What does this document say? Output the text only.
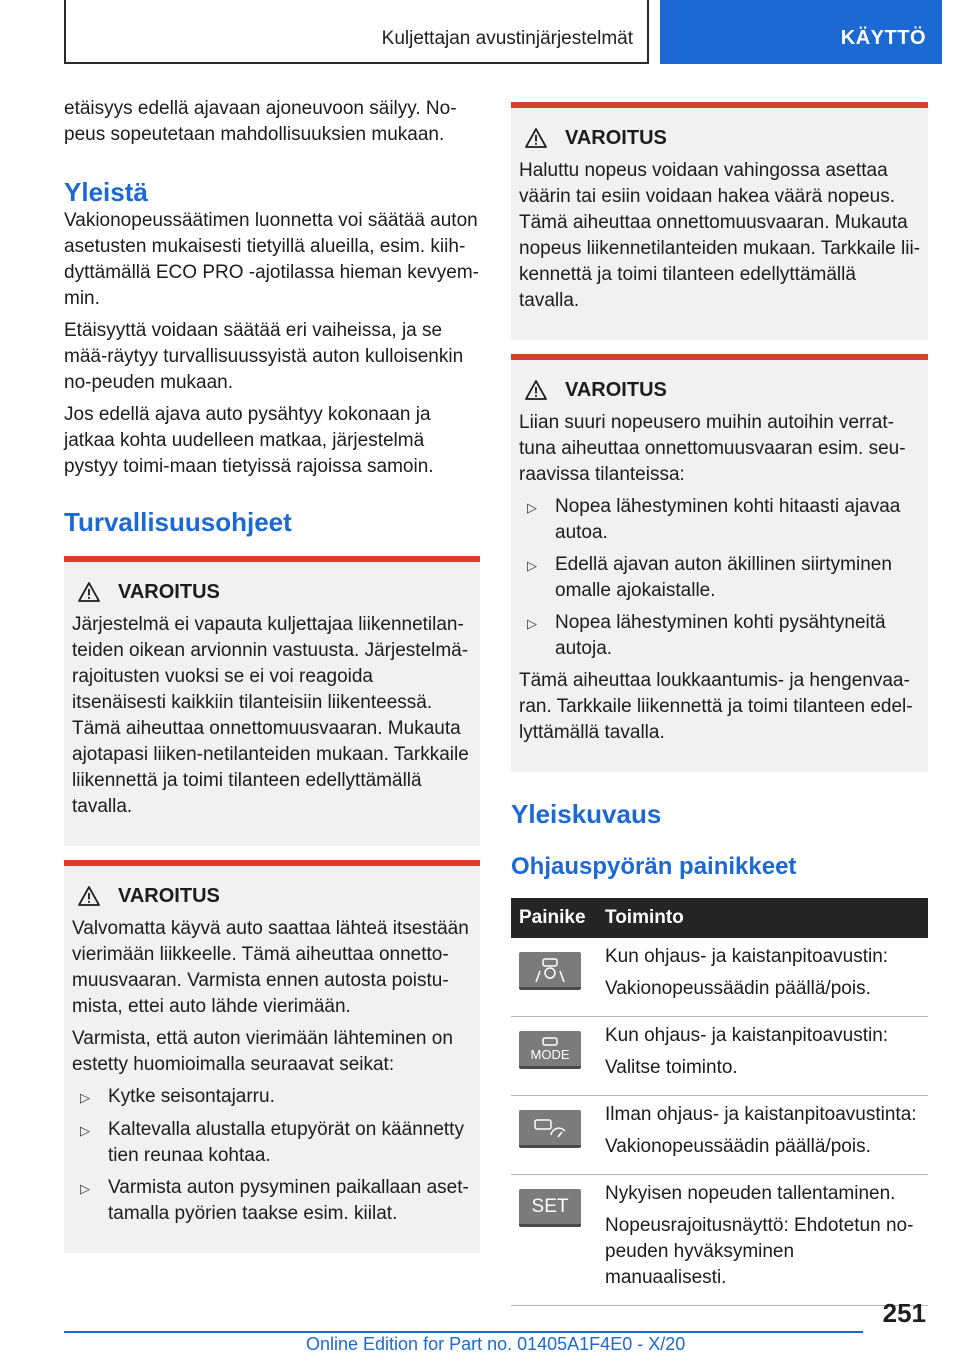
Kuljettajan avustinjärjestelmät	KÄYTTÖ

etäisyys edellä ajavaan ajoneuvoon säilyy. No-peus sopeutetaan mahdollisuuksien mukaan.

Yleistä

Vakionopeussäätimen luonnetta voi säätää auton asetusten mukaisesti tietyillä alueilla, esim. kiih-dyttämällä ECO PRO -ajotilassa hieman kevyem-min.

Etäisyyttä voidaan säätää eri vaiheissa, ja se mää-räytyy turvallisuussyistä auton kulloisenkin no-peuden mukaan.

Jos edellä ajava auto pysähtyy kokonaan ja jatkaa kohta uudelleen matkaa, järjestelmä pystyy toimi-maan tietyissä rajoissa samoin.

Turvallisuusohjeet
VAROITUS

Järjestelmä ei vapauta kuljettajaa liikennetilan-teiden oikean arvionnin vastuusta. Järjestelmä-rajoitusten vuoksi se ei voi reagoida itsenäisesti kaikkiin tilanteisiin liikenteessä. Tämä aiheuttaa onnettomuusvaaran. Mukauta ajotapasi liiken-netilanteiden mukaan. Tarkkaile liikennettä ja toimi tilanteen edellyttämällä tavalla.

VAROITUS

Valvomatta käyvä auto saattaa lähteä itsestään vierimään liikkeelle. Tämä aiheuttaa onnetto-muusvaaran. Varmista ennen autosta poistu-mista, ettei auto lähde vierimään.

Varmista, että auton vierimään lähteminen on estetty huomioimalla seuraavat seikat:

▷ Kytke seisontajarru.
▷ Kaltevalla alustalla etupyörät on käännetty tien reunaa kohtaa.
▷ Varmista auton pysyminen paikallaan aset-tamalla pyörien taakse esim. kiilat.
VAROITUS

Haluttu nopeus voidaan vahingossa asettaa väärin tai esiin voidaan hakea väärä nopeus. Tämä aiheuttaa onnettomuusvaaran. Mukauta nopeus liikennetilanteiden mukaan. Tarkkaile lii-kennettä ja toimi tilanteen edellyttämällä tavalla.

VAROITUS

Liian suuri nopeusero muihin autoihin verrat-tuna aiheuttaa onnettomuusvaaran esim. seu-raavissa tilanteissa:

▷ Nopea lähestyminen kohti hitaasti ajavaa autoa.
▷ Edellä ajavan auton äkillinen siirtyminen omalle ajokaistalle.
▷ Nopea lähestyminen kohti pysähtyneitä autoja.

Tämä aiheuttaa loukkaantumis- ja hengenvaa-ran. Tarkkaile liikennettä ja toimi tilanteen edel-lyttämällä tavalla.

Yleiskuvaus
Ohjauspyörän painikkeet
Painike	Toiminto

Kun ohjaus- ja kaistanpitoavustin:
Vakionopeussäädin päällä/pois.

MODE	Kun ohjaus- ja kaistanpitoavustin:
Valitse toiminto.

Ilman ohjaus- ja kaistanpitoavustinta:
Vakionopeussäädin päällä/pois.

SET	Nykyisen nopeuden tallentaminen.
Nopeusrajoitusnäyttö: Ehdotetun no-peuden hyväksyminen manuaalisesti.
251
Online Edition for Part no. 01405A1F4E0 - X/20
